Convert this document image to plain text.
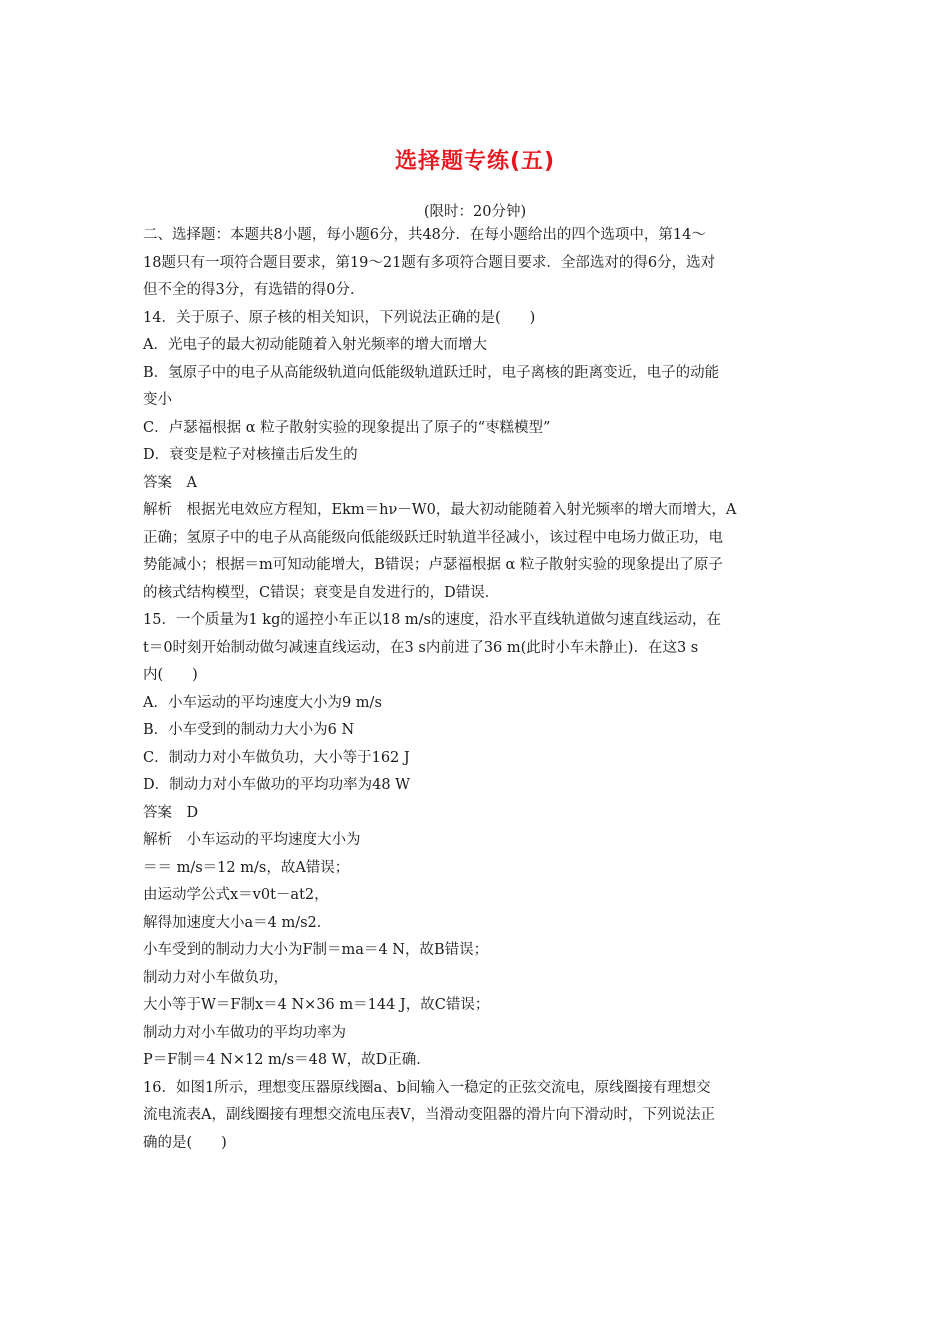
选择题专练(五)
(限时：20分钟)

二、选择题：本题共8小题，每小题6分，共48分．在每小题给出的四个选项中，第14～

18题只有一项符合题目要求，第19～21题有多项符合题目要求．全部选对的得6分，选对

但不全的得3分，有选错的得0分．

14．关于原子、原子核的相关知识，下列说法正确的是(　　)

A．光电子的最大初动能随着入射光频率的增大而增大

B．氢原子中的电子从高能级轨道向低能级轨道跃迁时，电子离核的距离变近，电子的动能

变小

C．卢瑟福根据 α 粒子散射实验的现象提出了原子的“枣糕模型”

D．衰变是粒子对核撞击后发生的

答案　A

解析　根据光电效应方程知，Ekm＝hν－W0，最大初动能随着入射光频率的增大而增大，A

正确；氢原子中的电子从高能级向低能级跃迁时轨道半径减小，该过程中电场力做正功，电

势能减小；根据＝m可知动能增大，B错误；卢瑟福根据 α 粒子散射实验的现象提出了原子

的核式结构模型，C错误；衰变是自发进行的，D错误．

15．一个质量为1 kg的遥控小车正以18 m/s的速度，沿水平直线轨道做匀速直线运动，在

t＝0时刻开始制动做匀减速直线运动，在3 s内前进了36 m(此时小车未静止)．在这3 s

内(　　)

A．小车运动的平均速度大小为9 m/s

B．小车受到的制动力大小为6 N

C．制动力对小车做负功，大小等于162 J

D．制动力对小车做功的平均功率为48 W

答案　D

解析　小车运动的平均速度大小为

＝＝ m/s＝12 m/s，故A错误；

由运动学公式x＝v0t－at2，

解得加速度大小a＝4 m/s2．

小车受到的制动力大小为F制＝ma＝4 N，故B错误；

制动力对小车做负功，

大小等于W＝F制x＝4 N×36 m＝144 J，故C错误；

制动力对小车做功的平均功率为

P＝F制＝4 N×12 m/s＝48 W，故D正确．

16．如图1所示，理想变压器原线圈a、b间输入一稳定的正弦交流电，原线圈接有理想交

流电流表A，副线圈接有理想交流电压表V，当滑动变阻器的滑片向下滑动时，下列说法正

确的是(　　)
